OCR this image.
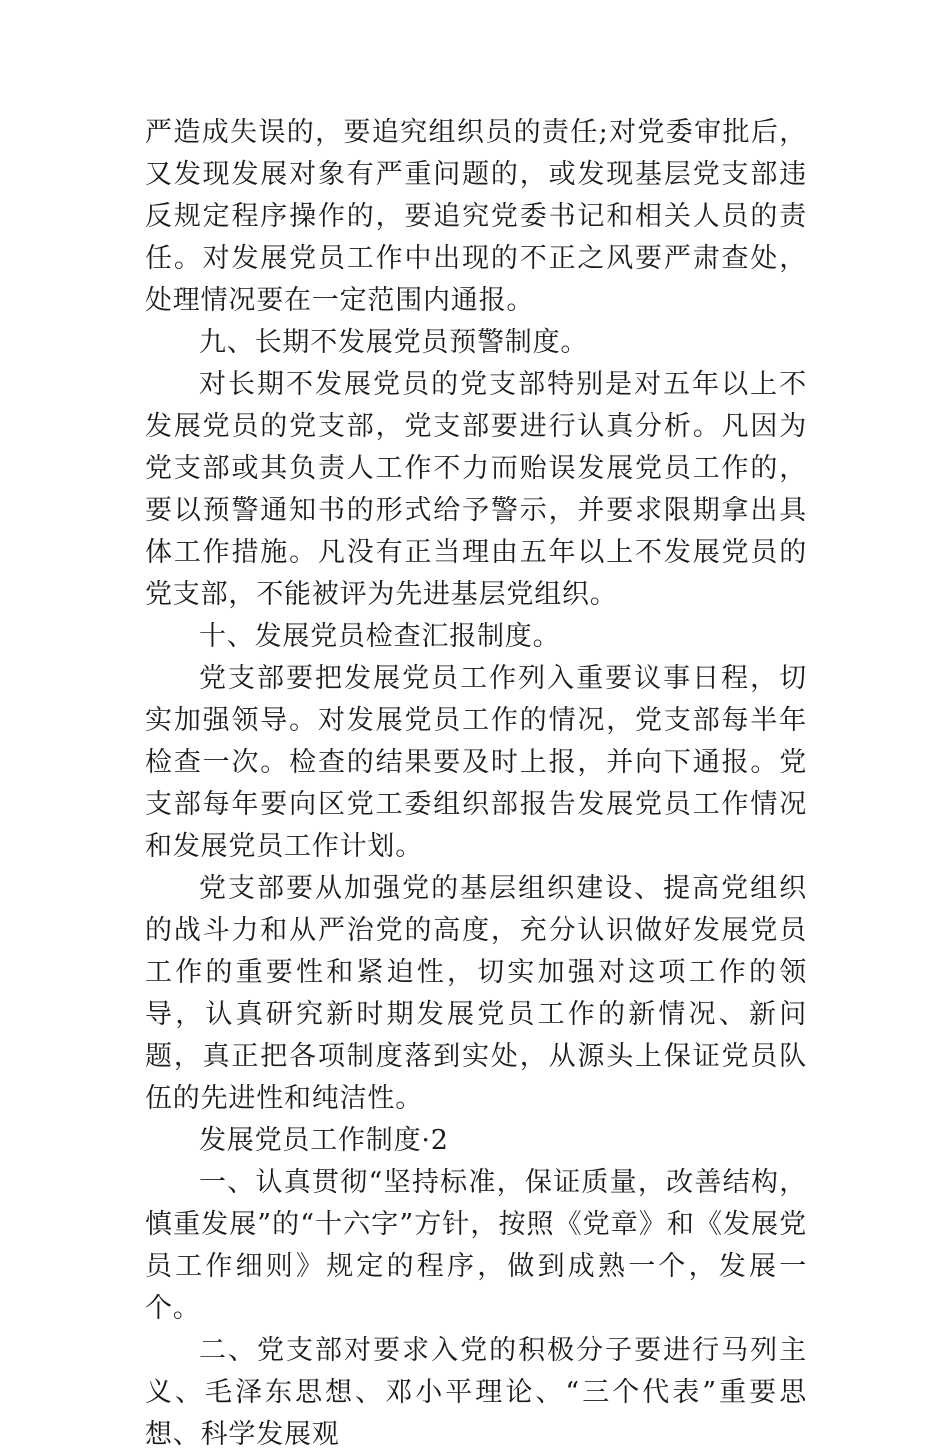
严造成失误的，要追究组织员的责任;对党委审批后，又发现发展对象有严重问题的，或发现基层党支部违反规定程序操作的，要追究党委书记和相关人员的责任。对发展党员工作中出现的不正之风要严肃查处，处理情况要在一定范围内通报。

九、长期不发展党员预警制度。

对长期不发展党员的党支部特别是对五年以上不发展党员的党支部，党支部要进行认真分析。凡因为党支部或其负责人工作不力而贻误发展党员工作的，要以预警通知书的形式给予警示，并要求限期拿出具体工作措施。凡没有正当理由五年以上不发展党员的党支部，不能被评为先进基层党组织。

十、发展党员检查汇报制度。

党支部要把发展党员工作列入重要议事日程，切实加强领导。对发展党员工作的情况，党支部每半年检查一次。检查的结果要及时上报，并向下通报。党支部每年要向区党工委组织部报告发展党员工作情况和发展党员工作计划。

党支部要从加强党的基层组织建设、提高党组织的战斗力和从严治党的高度，充分认识做好发展党员工作的重要性和紧迫性，切实加强对这项工作的领导，认真研究新时期发展党员工作的新情况、新问题，真正把各项制度落到实处，从源头上保证党员队伍的先进性和纯洁性。

发展党员工作制度·2

一、认真贯彻“坚持标准，保证质量，改善结构，慎重发展”的“十六字”方针，按照《党章》和《发展党员工作细则》规定的程序，做到成熟一个，发展一个。

二、党支部对要求入党的积极分子要进行马列主义、毛泽东思想、邓小平理论、“三个代表”重要思想、科学发展观
